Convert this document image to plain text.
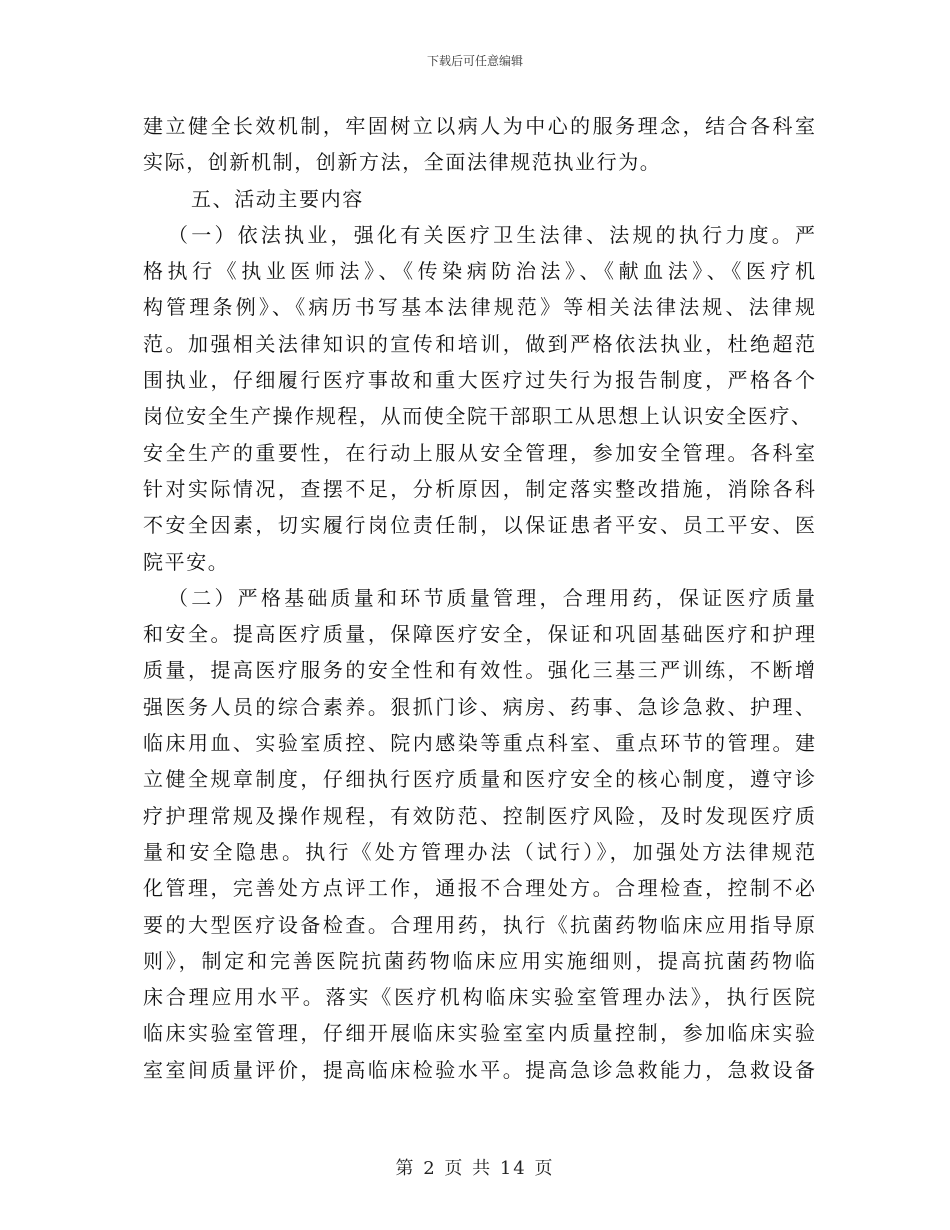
下载后可任意编辑
建立健全长效机制，牢固树立以病人为中心的服务理念，结合各科室
实际，创新机制，创新方法，全面法律规范执业行为。
五、活动主要内容
（一）依法执业，强化有关医疗卫生法律、法规的执行力度。严
格执行《执业医师法》、《传染病防治法》、《献血法》、《医疗机
构管理条例》、《病历书写基本法律规范》等相关法律法规、法律规
范。加强相关法律知识的宣传和培训，做到严格依法执业，杜绝超范
围执业，仔细履行医疗事故和重大医疗过失行为报告制度，严格各个
岗位安全生产操作规程，从而使全院干部职工从思想上认识安全医疗、
安全生产的重要性，在行动上服从安全管理，参加安全管理。各科室
针对实际情况，查摆不足，分析原因，制定落实整改措施，消除各科
不安全因素，切实履行岗位责任制，以保证患者平安、员工平安、医
院平安。
（二）严格基础质量和环节质量管理，合理用药，保证医疗质量
和安全。提高医疗质量，保障医疗安全，保证和巩固基础医疗和护理
质量，提高医疗服务的安全性和有效性。强化三基三严训练，不断增
强医务人员的综合素养。狠抓门诊、病房、药事、急诊急救、护理、
临床用血、实验室质控、院内感染等重点科室、重点环节的管理。建
立健全规章制度，仔细执行医疗质量和医疗安全的核心制度，遵守诊
疗护理常规及操作规程，有效防范、控制医疗风险，及时发现医疗质
量和安全隐患。执行《处方管理办法（试行）》，加强处方法律规范
化管理，完善处方点评工作，通报不合理处方。合理检查，控制不必
要的大型医疗设备检查。合理用药，执行《抗菌药物临床应用指导原
则》，制定和完善医院抗菌药物临床应用实施细则，提高抗菌药物临
床合理应用水平。落实《医疗机构临床实验室管理办法》，执行医院
临床实验室管理，仔细开展临床实验室室内质量控制，参加临床实验
室室间质量评价，提高临床检验水平。提高急诊急救能力，急救设备
第 2 页 共 14 页
